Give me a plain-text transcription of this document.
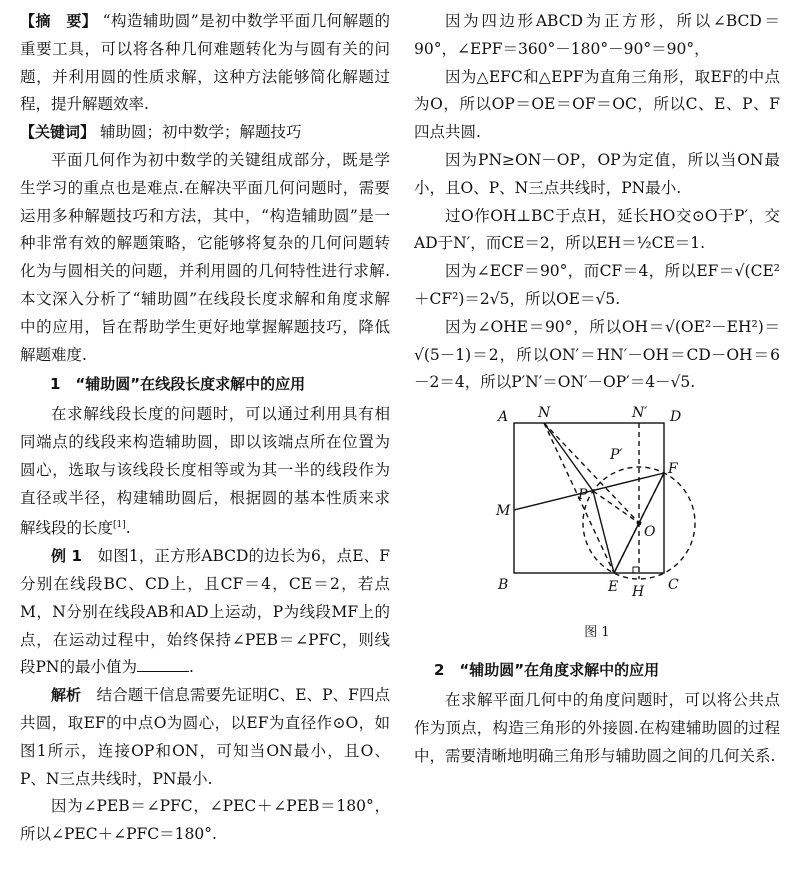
【摘　要】 “构造辅助圆”是初中数学平面几何解题的重要工具，可以将各种几何难题转化为与圆有关的问题，并利用圆的性质求解，这种方法能够简化解题过程，提升解题效率.

【关键词】 辅助圆；初中数学；解题技巧

平面几何作为初中数学的关键组成部分，既是学生学习的重点也是难点.在解决平面几何问题时，需要运用多种解题技巧和方法，其中，“构造辅助圆”是一种非常有效的解题策略，它能够将复杂的几何问题转化为与圆相关的问题，并利用圆的几何特性进行求解.本文深入分析了“辅助圆”在线段长度求解和角度求解中的应用，旨在帮助学生更好地掌握解题技巧，降低解题难度.

1　“辅助圆”在线段长度求解中的应用

在求解线段长度的问题时，可以通过利用具有相同端点的线段来构造辅助圆，即以该端点所在位置为圆心，选取与该线段长度相等或为其一半的线段作为直径或半径，构建辅助圆后，根据圆的基本性质来求解线段的长度[1].

例 1　 如图1，正方形ABCD的边长为6，点E、F分别在线段BC、CD上，且CF＝4，CE＝2，若点M，N分别在线段AB和AD上运动，P为线段MF上的点，在运动过程中，始终保持∠PEB＝∠PFC，则线段PN的最小值为	.

解析　 结合题干信息需要先证明C、E、P、F四点共圆，取EF的中点O为圆心，以EF为直径作⊙O，如图1所示，连接OP和ON，可知当ON最小，且O、P、N三点共线时，PN最小.

因为∠PEB＝∠PFC，∠PEC＋∠PEB＝180°，所以∠PEC＋∠PFC＝180°.

因为四边形ABCD为正方形，所以∠BCD＝90°，∠EPF＝360°－180°－90°＝90°，

因为△EFC和△EPF为直角三角形，取EF的中点为O，所以OP＝OE＝OF＝OC，所以C、E、P、F四点共圆.

因为PN≥ON－OP，OP为定值，所以当ON最小，且O、P、N三点共线时，PN最小.

过O作OH⊥BC于点H，延长HO交⊙O于P′，交AD于N′，而CE＝2，所以EH＝½CE＝1.

因为∠ECF＝90°，而CF＝4，所以EF＝√(CE²＋CF²)＝2√5，所以OE＝√5.

因为∠OHE＝90°，所以OH＝√(OE²－EH²)＝√(5－1)＝2，所以ON′＝HN′－OH＝CD－OH＝6－2＝4，所以P′N′＝ON′－OP′＝4－√5.

A N	N′ D
P′
F
P
M
O
B	E H C

图 1

2　“辅助圆”在角度求解中的应用

在求解平面几何中的角度问题时，可以将公共点作为顶点，构造三角形的外接圆.在构建辅助圆的过程中，需要清晰地明确三角形与辅助圆之间的几何关系.
